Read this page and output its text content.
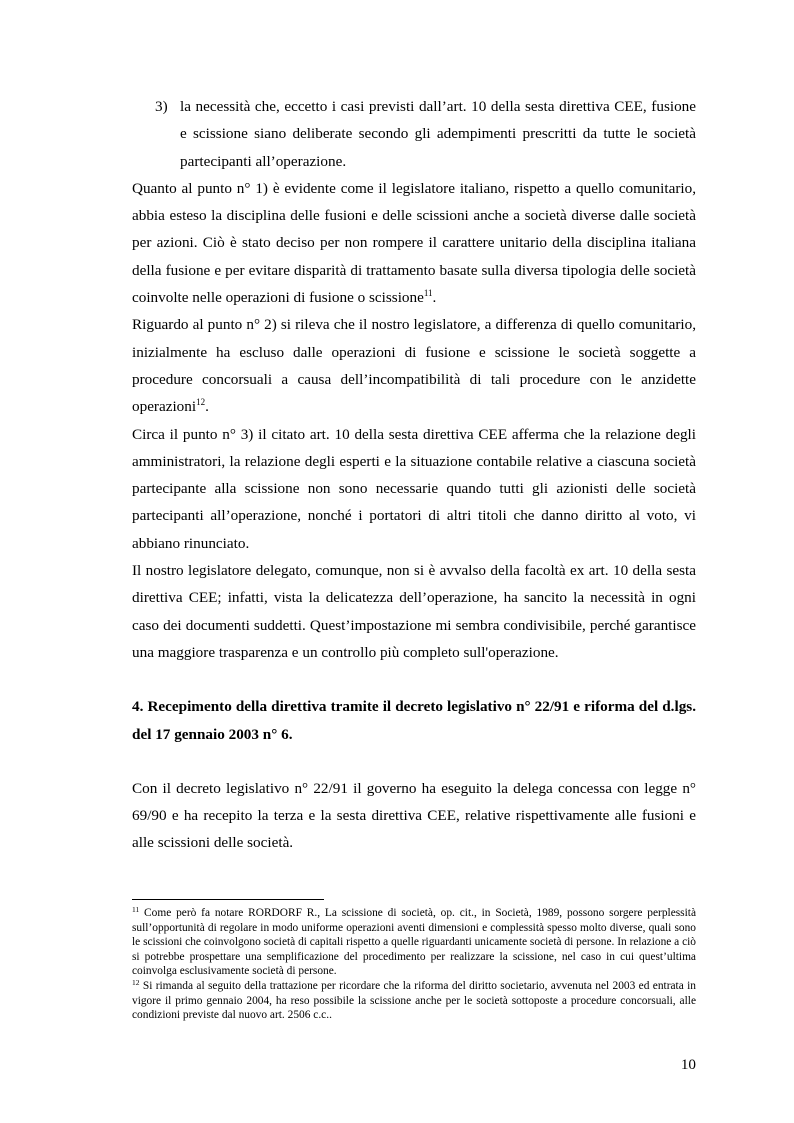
3) la necessità che, eccetto i casi previsti dall’art. 10 della sesta direttiva CEE, fusione e scissione siano deliberate secondo gli adempimenti prescritti da tutte le società partecipanti all’operazione.

Quanto al punto n° 1) è evidente come il legislatore italiano, rispetto a quello comunitario, abbia esteso la disciplina delle fusioni e delle scissioni anche a società diverse dalle società per azioni. Ciò è stato deciso per non rompere il carattere unitario della disciplina italiana della fusione e per evitare disparità di trattamento basate sulla diversa tipologia delle società coinvolte nelle operazioni di fusione o scissione$^{11}$.

Riguardo al punto n° 2) si rileva che il nostro legislatore, a differenza di quello comunitario, inizialmente ha escluso dalle operazioni di fusione e scissione le società soggette a procedure concorsuali a causa dell’incompatibilità di tali procedure con le anzidette operazioni$^{12}$.

Circa il punto n° 3) il citato art. 10 della sesta direttiva CEE afferma che la relazione degli amministratori, la relazione degli esperti e la situazione contabile relative a ciascuna società partecipante alla scissione non sono necessarie quando tutti gli azionisti delle società partecipanti all’operazione, nonché i portatori di altri titoli che danno diritto al voto, vi abbiano rinunciato.

Il nostro legislatore delegato, comunque, non si è avvalso della facoltà ex art. 10 della sesta direttiva CEE; infatti, vista la delicatezza dell’operazione, ha sancito la necessità in ogni caso dei documenti suddetti. Quest’impostazione mi sembra condivisibile, perché garantisce una maggiore trasparenza e un controllo più completo sull'operazione.

4. Recepimento della direttiva tramite il decreto legislativo n° 22/91 e riforma del d.lgs. del 17 gennaio 2003 n° 6.

Con il decreto legislativo n° 22/91 il governo ha eseguito la delega concessa con legge n° 69/90 e ha recepito la terza e la sesta direttiva CEE, relative rispettivamente alle fusioni e alle scissioni delle società.

$^{11}$ Come però fa notare RORDORF R., La scissione di società, op. cit., in Società, 1989, possono sorgere perplessità sull’opportunità di regolare in modo uniforme operazioni aventi dimensioni e complessità spesso molto diverse, quali sono le scissioni che coinvolgono società di capitali rispetto a quelle riguardanti unicamente società di persone. In relazione a ciò si potrebbe prospettare una semplificazione del procedimento per realizzare la scissione, nel caso in cui quest’ultima coinvolga esclusivamente società di persone.

$^{12}$ Si rimanda al seguito della trattazione per ricordare che la riforma del diritto societario, avvenuta nel 2003 ed entrata in vigore il primo gennaio 2004, ha reso possibile la scissione anche per le società sottoposte a procedure concorsuali, alle condizioni previste dal nuovo art. 2506 c.c..

10
